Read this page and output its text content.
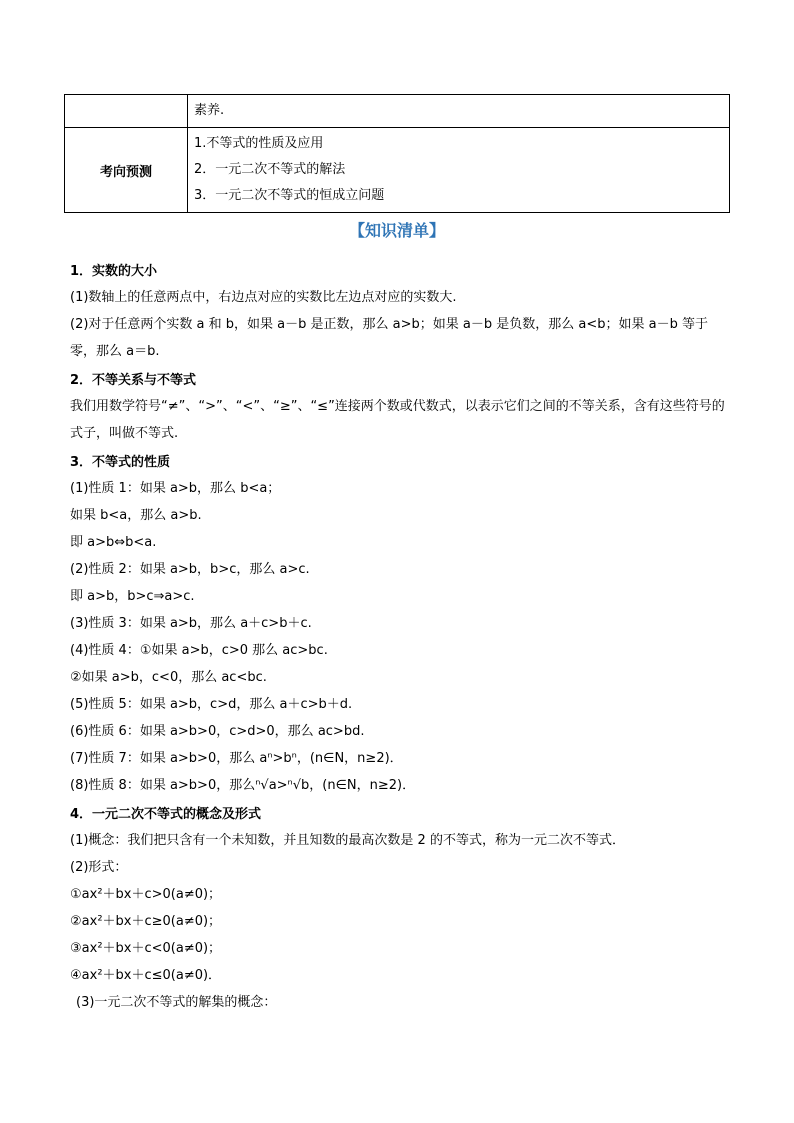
	素养.

考向预测	1.不等式的性质及应用
2．一元二次不等式的解法
3．一元二次不等式的恒成立问题
【知识清单】
1．实数的大小
(1)数轴上的任意两点中，右边点对应的实数比左边点对应的实数大.
(2)对于任意两个实数 a 和 b，如果 a－b 是正数，那么 a>b；如果 a－b 是负数，那么 a<b；如果 a－b 等于零，那么 a＝b.
2．不等关系与不等式
我们用数学符号“≠”、“>”、“<”、“≥”、“≤”连接两个数或代数式，以表示它们之间的不等关系，含有这些符号的式子，叫做不等式.
3．不等式的性质
(1)性质 1：如果 a>b，那么 b<a；
如果 b<a，那么 a>b.
即 a>b⇔b<a.
(2)性质 2：如果 a>b，b>c，那么 a>c.
即 a>b，b>c⇒a>c.
(3)性质 3：如果 a>b，那么 a＋c>b＋c.
(4)性质 4：①如果 a>b，c>0 那么 ac>bc.
②如果 a>b，c<0，那么 ac<bc.
(5)性质 5：如果 a>b，c>d，那么 a＋c>b＋d.
(6)性质 6：如果 a>b>0，c>d>0，那么 ac>bd.
(7)性质 7：如果 a>b>0，那么 aⁿ>bⁿ，(n∈N，n≥2)．
(8)性质 8：如果 a>b>0，那么ⁿ√a>ⁿ√b，(n∈N，n≥2)．
4．一元二次不等式的概念及形式
(1)概念：我们把只含有一个未知数，并且知数的最高次数是 2 的不等式，称为一元二次不等式．
(2)形式：
①ax²＋bx＋c>0(a≠0)；
②ax²＋bx＋c≥0(a≠0)；
③ax²＋bx＋c<0(a≠0)；
④ax²＋bx＋c≤0(a≠0)．
(3)一元二次不等式的解集的概念：
